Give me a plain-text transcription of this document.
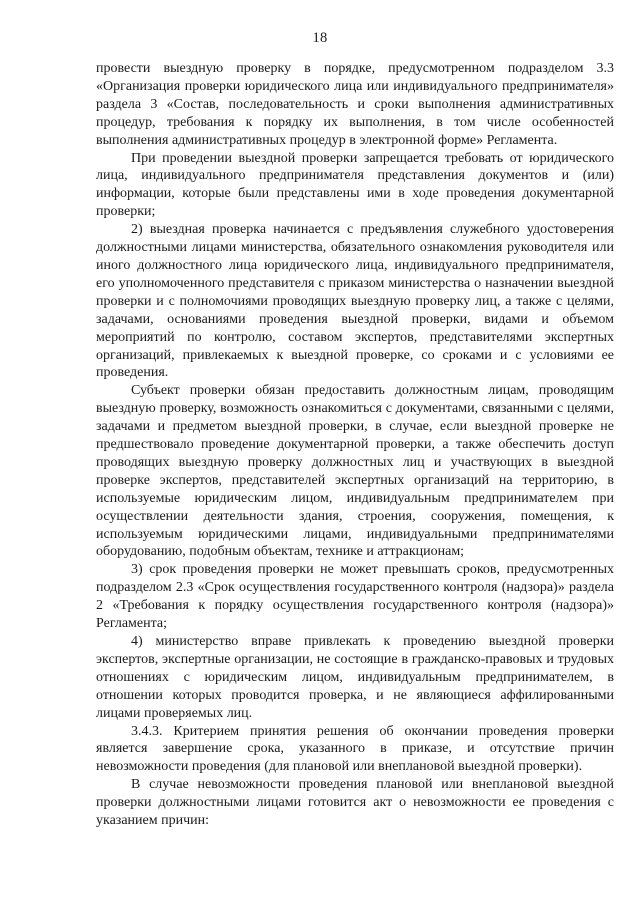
18

провести выездную проверку в порядке, предусмотренном подразделом 3.3 «Организация проверки юридического лица или индивидуального предпринимателя» раздела 3 «Состав, последовательность и сроки выполнения административных процедур, требования к порядку их выполнения, в том числе особенностей выполнения административных процедур в электронной форме» Регламента.

При проведении выездной проверки запрещается требовать от юридического лица, индивидуального предпринимателя представления документов и (или) информации, которые были представлены ими в ходе проведения документарной проверки;

2) выездная проверка начинается с предъявления служебного удостоверения должностными лицами министерства, обязательного ознакомления руководителя или иного должностного лица юридического лица, индивидуального предпринимателя, его уполномоченного представителя с приказом министерства о назначении выездной проверки и с полномочиями проводящих выездную проверку лиц, а также с целями, задачами, основаниями проведения выездной проверки, видами и объемом мероприятий по контролю, составом экспертов, представителями экспертных организаций, привлекаемых к выездной проверке, со сроками и с условиями ее проведения.

Субъект проверки обязан предоставить должностным лицам, проводящим выездную проверку, возможность ознакомиться с документами, связанными с целями, задачами и предметом выездной проверки, в случае, если выездной проверке не предшествовало проведение документарной проверки, а также обеспечить доступ проводящих выездную проверку должностных лиц и участвующих в выездной проверке экспертов, представителей экспертных организаций на территорию, в используемые юридическим лицом, индивидуальным предпринимателем при осуществлении деятельности здания, строения, сооружения, помещения, к используемым юридическими лицами, индивидуальными предпринимателями оборудованию, подобным объектам, технике и аттракционам;

3) срок проведения проверки не может превышать сроков, предусмотренных подразделом 2.3 «Срок осуществления государственного контроля (надзора)» раздела 2 «Требования к порядку осуществления государственного контроля (надзора)» Регламента;

4) министерство вправе привлекать к проведению выездной проверки экспертов, экспертные организации, не состоящие в гражданско-правовых и трудовых отношениях с юридическим лицом, индивидуальным предпринимателем, в отношении которых проводится проверка, и не являющиеся аффилированными лицами проверяемых лиц.

3.4.3. Критерием принятия решения об окончании проведения проверки является завершение срока, указанного в приказе, и отсутствие причин невозможности проведения (для плановой или внеплановой выездной проверки).

В случае невозможности проведения плановой или внеплановой выездной проверки должностными лицами готовится акт о невозможности ее проведения с указанием причин:
